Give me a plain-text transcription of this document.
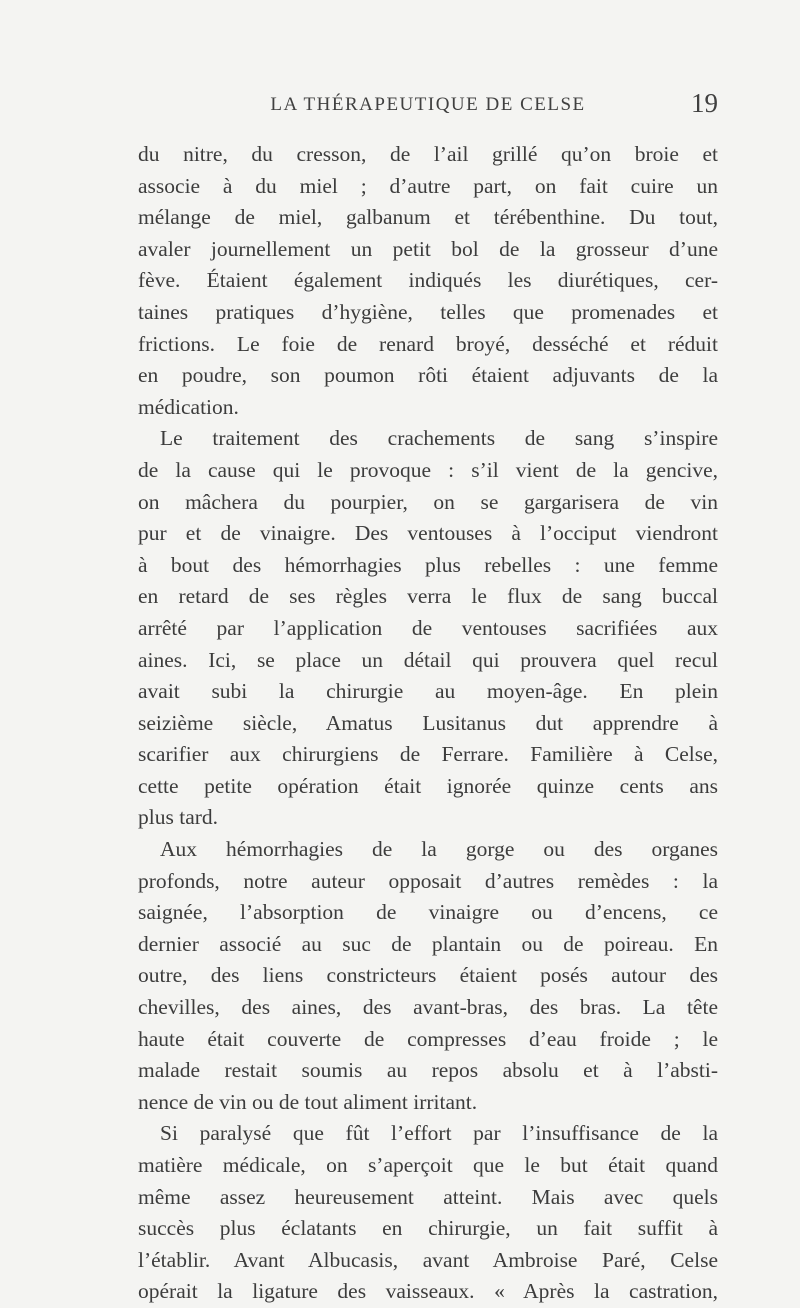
LA THÉRAPEUTIQUE DE CELSE	19
du nitre, du cresson, de l’ail grillé qu’on broie et
associe à du miel ; d’autre part, on fait cuire un
mélange de miel, galbanum et térébenthine. Du tout,
avaler journellement un petit bol de la grosseur d’une
fève. Étaient également indiqués les diurétiques, cer-
taines pratiques d’hygiène, telles que promenades et
frictions. Le foie de renard broyé, desséché et réduit
en poudre, son poumon rôti étaient adjuvants de la
médication.
Le traitement des crachements de sang s’inspire
de la cause qui le provoque : s’il vient de la gencive,
on mâchera du pourpier, on se gargarisera de vin
pur et de vinaigre. Des ventouses à l’occiput viendront
à bout des hémorrhagies plus rebelles : une femme
en retard de ses règles verra le flux de sang buccal
arrêté par l’application de ventouses sacrifiées aux
aines. Ici, se place un détail qui prouvera quel recul
avait subi la chirurgie au moyen-âge. En plein
seizième siècle, Amatus Lusitanus dut apprendre à
scarifier aux chirurgiens de Ferrare. Familière à Celse,
cette petite opération était ignorée quinze cents ans
plus tard.
Aux hémorrhagies de la gorge ou des organes
profonds, notre auteur opposait d’autres remèdes : la
saignée, l’absorption de vinaigre ou d’encens, ce
dernier associé au suc de plantain ou de poireau. En
outre, des liens constricteurs étaient posés autour des
chevilles, des aines, des avant-bras, des bras. La tête
haute était couverte de compresses d’eau froide ; le
malade restait soumis au repos absolu et à l’absti-
nence de vin ou de tout aliment irritant.
Si paralysé que fût l’effort par l’insuffisance de la
matière médicale, on s’aperçoit que le but était quand
même assez heureusement atteint. Mais avec quels
succès plus éclatants en chirurgie, un fait suffit à
l’établir. Avant Albucasis, avant Ambroise Paré, Celse
opérait la ligature des vaisseaux. « Après la castration,
